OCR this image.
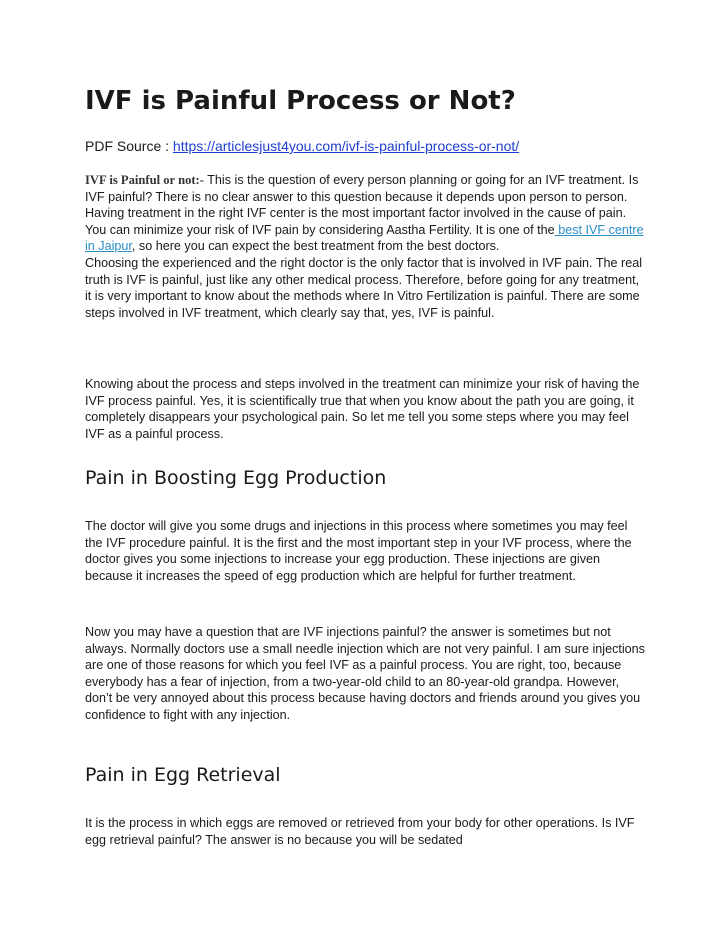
IVF is Painful Process or Not?
PDF Source : https://articlesjust4you.com/ivf-is-painful-process-or-not/

IVF is Painful or not:- This is the question of every person planning or going for an IVF treatment. Is IVF painful? There is no clear answer to this question because it depends upon person to person. Having treatment in the right IVF center is the most important factor involved in the cause of pain. You can minimize your risk of IVF pain by considering Aastha Fertility. It is one of the best IVF centre in Jaipur, so here you can expect the best treatment from the best doctors.
Choosing the experienced and the right doctor is the only factor that is involved in IVF pain. The real truth is IVF is painful, just like any other medical process. Therefore, before going for any treatment, it is very important to know about the methods where In Vitro Fertilization is painful. There are some steps involved in IVF treatment, which clearly say that, yes, IVF is painful.

Knowing about the process and steps involved in the treatment can minimize your risk of having the IVF process painful. Yes, it is scientifically true that when you know about the path you are going, it completely disappears your psychological pain. So let me tell you some steps where you may feel IVF as a painful process.

Pain in Boosting Egg Production

The doctor will give you some drugs and injections in this process where sometimes you may feel the IVF procedure painful. It is the first and the most important step in your IVF process, where the doctor gives you some injections to increase your egg production. These injections are given because it increases the speed of egg production which are helpful for further treatment.

Now you may have a question that are IVF injections painful? the answer is sometimes but not always. Normally doctors use a small needle injection which are not very painful. I am sure injections are one of those reasons for which you feel IVF as a painful process. You are right, too, because everybody has a fear of injection, from a two-year-old child to an 80-year-old grandpa. However, don’t be very annoyed about this process because having doctors and friends around you gives you confidence to fight with any injection.

Pain in Egg Retrieval

It is the process in which eggs are removed or retrieved from your body for other operations. Is IVF egg retrieval painful? The answer is no because you will be sedated
